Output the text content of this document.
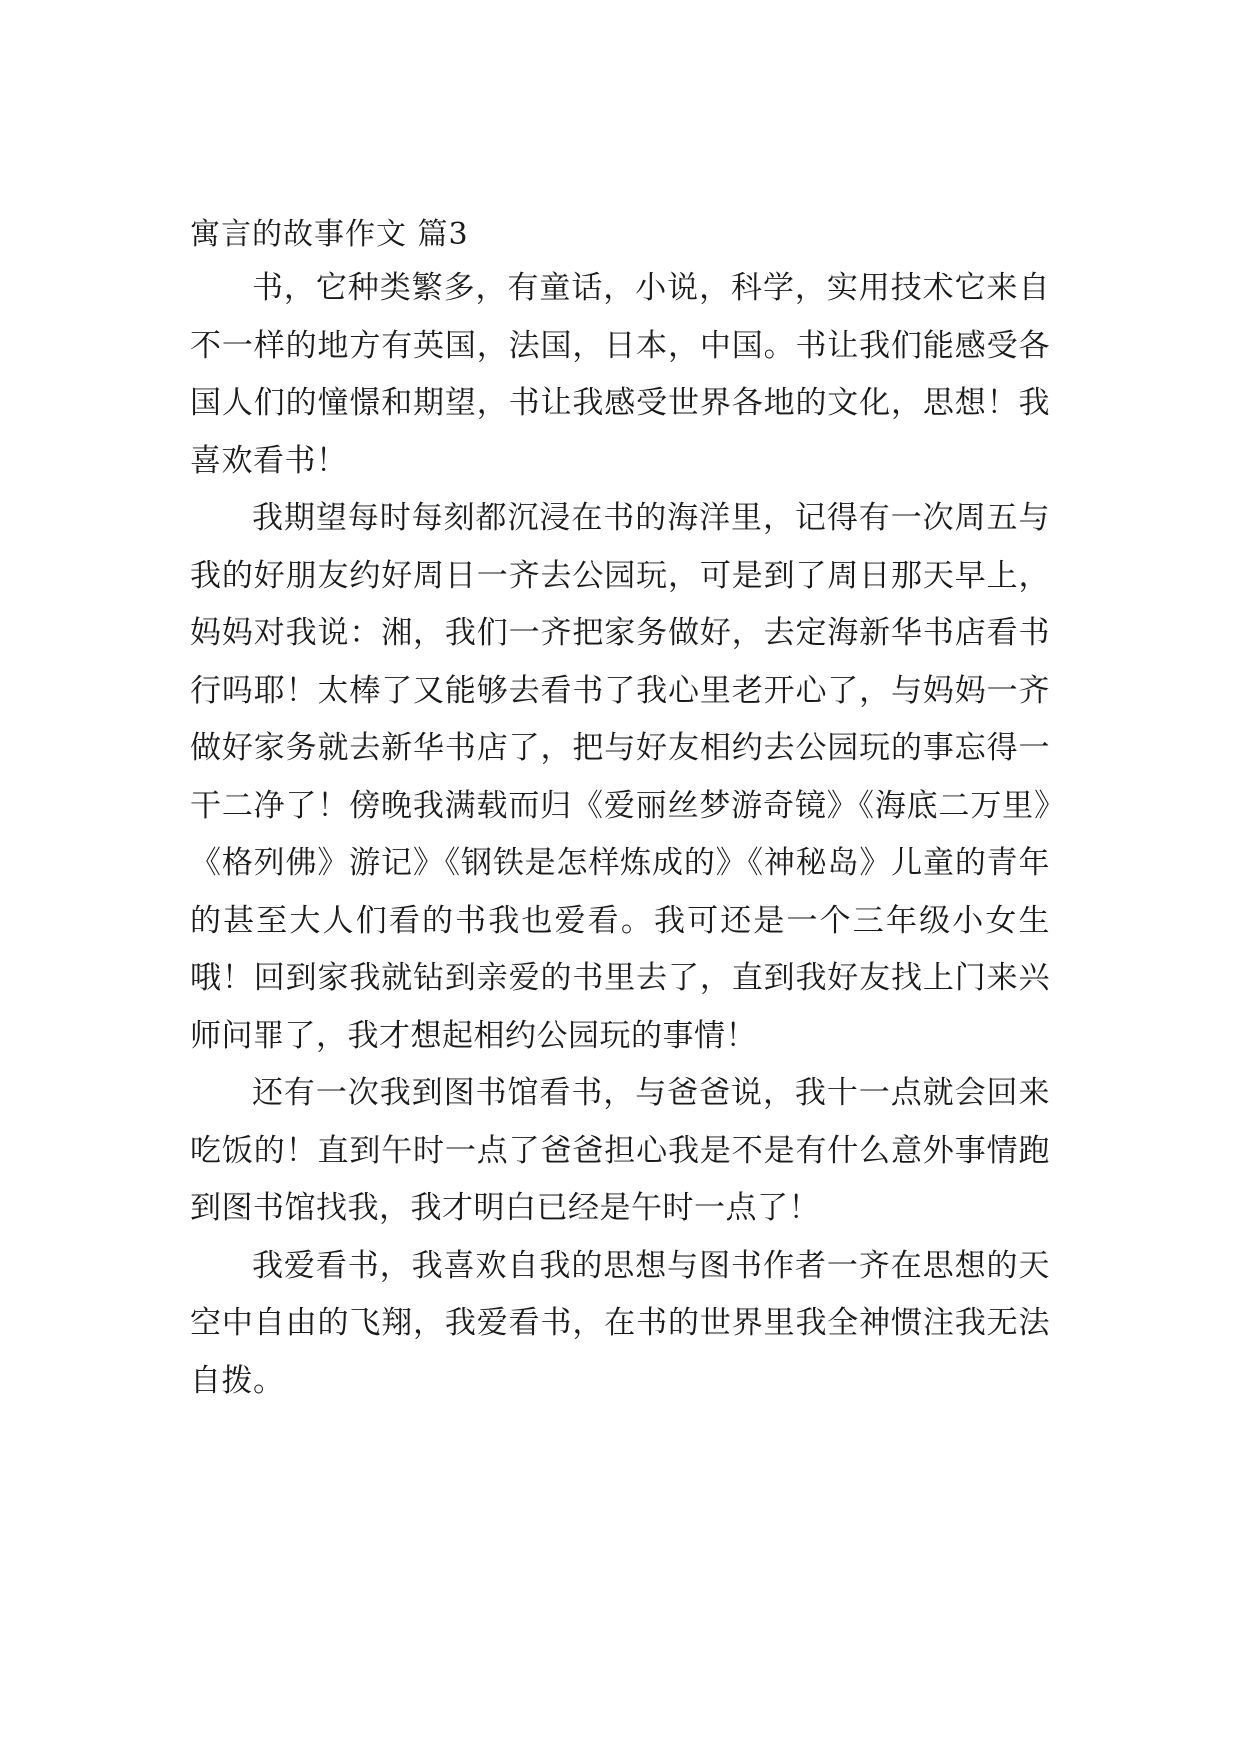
寓言的故事作文 篇3

书，它种类繁多，有童话，小说，科学，实用技术它来自不一样的地方有英国，法国，日本，中国。书让我们能感受各国人们的憧憬和期望，书让我感受世界各地的文化，思想！我喜欢看书！

我期望每时每刻都沉浸在书的海洋里，记得有一次周五与我的好朋友约好周日一齐去公园玩，可是到了周日那天早上，妈妈对我说：湘，我们一齐把家务做好，去定海新华书店看书行吗耶！太棒了又能够去看书了我心里老开心了，与妈妈一齐做好家务就去新华书店了，把与好友相约去公园玩的事忘得一干二净了！傍晚我满载而归《爱丽丝梦游奇镜》《海底二万里》《格列佛》游记》《钢铁是怎样炼成的》《神秘岛》儿童的青年的甚至大人们看的书我也爱看。我可还是一个三年级小女生哦！回到家我就钻到亲爱的书里去了，直到我好友找上门来兴师问罪了，我才想起相约公园玩的事情！

还有一次我到图书馆看书，与爸爸说，我十一点就会回来吃饭的！直到午时一点了爸爸担心我是不是有什么意外事情跑到图书馆找我，我才明白已经是午时一点了！

我爱看书，我喜欢自我的思想与图书作者一齐在思想的天空中自由的飞翔，我爱看书，在书的世界里我全神惯注我无法自拨。
